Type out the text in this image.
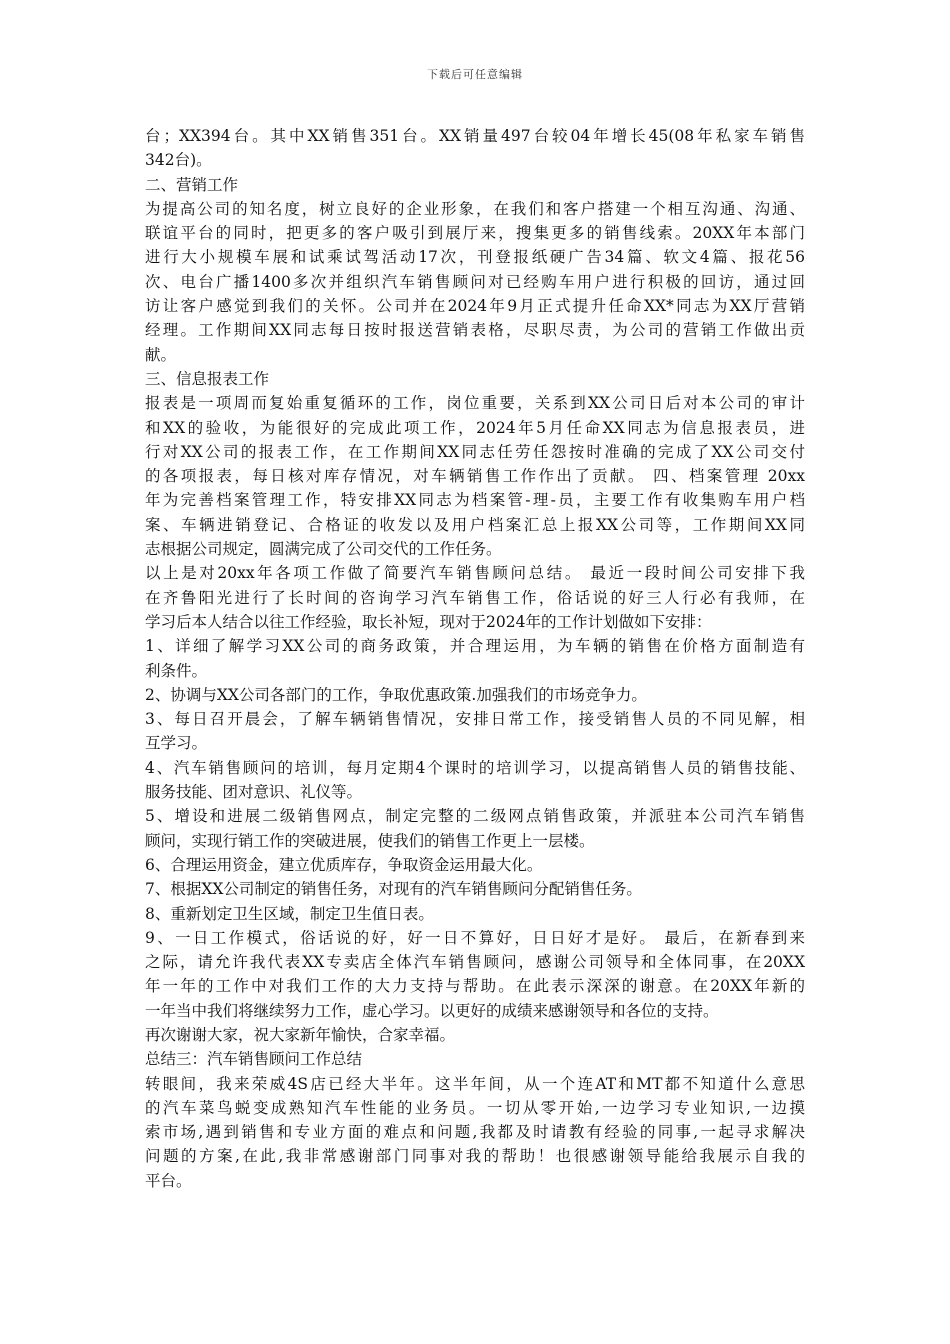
下载后可任意编辑
台；XX394台。其中XX销售351台。XX销量497台较04年增长45(08年私家车销售
342台)。
二、营销工作
为提高公司的知名度，树立良好的企业形象，在我们和客户搭建一个相互沟通、沟通、
联谊平台的同时，把更多的客户吸引到展厅来，搜集更多的销售线索。20XX年本部门
进行大小规模车展和试乘试驾活动17次，刊登报纸硬广告34篇、软文4篇、报花56
次、电台广播1400多次并组织汽车销售顾问对已经购车用户进行积极的回访，通过回
访让客户感觉到我们的关怀。公司并在2024年9月正式提升任命XX*同志为XX厅营销
经理。工作期间XX同志每日按时报送营销表格，尽职尽责，为公司的营销工作做出贡
献。
三、信息报表工作
报表是一项周而复始重复循环的工作，岗位重要，关系到XX公司日后对本公司的审计
和XX的验收，为能很好的完成此项工作，2024年5月任命XX同志为信息报表员，进
行对XX公司的报表工作，在工作期间XX同志任劳任怨按时准确的完成了XX公司交付
的各项报表，每日核对库存情况，对车辆销售工作作出了贡献。 四、档案管理 20xx
年为完善档案管理工作，特安排XX同志为档案管-理-员，主要工作有收集购车用户档
案、车辆进销登记、合格证的收发以及用户档案汇总上报XX公司等，工作期间XX同
志根据公司规定，圆满完成了公司交代的工作任务。
以上是对20xx年各项工作做了简要汽车销售顾问总结。 最近一段时间公司安排下我
在齐鲁阳光进行了长时间的咨询学习汽车销售工作，俗话说的好三人行必有我师，在
学习后本人结合以往工作经验，取长补短，现对于2024年的工作计划做如下安排：
1、详细了解学习XX公司的商务政策，并合理运用，为车辆的销售在价格方面制造有
利条件。
2、协调与XX公司各部门的工作，争取优惠政策.加强我们的市场竞争力。
3、每日召开晨会，了解车辆销售情况，安排日常工作，接受销售人员的不同见解，相
互学习。
4、汽车销售顾问的培训，每月定期4个课时的培训学习，以提高销售人员的销售技能、
服务技能、团对意识、礼仪等。
5、增设和进展二级销售网点，制定完整的二级网点销售政策，并派驻本公司汽车销售
顾问，实现行销工作的突破进展，使我们的销售工作更上一层楼。
6、合理运用资金，建立优质库存，争取资金运用最大化。
7、根据XX公司制定的销售任务，对现有的汽车销售顾问分配销售任务。
8、重新划定卫生区域，制定卫生值日表。
9、一日工作模式，俗话说的好，好一日不算好，日日好才是好。 最后，在新春到来
之际，请允许我代表XX专卖店全体汽车销售顾问，感谢公司领导和全体同事，在20XX
年一年的工作中对我们工作的大力支持与帮助。在此表示深深的谢意。在20XX年新的
一年当中我们将继续努力工作，虚心学习。以更好的成绩来感谢领导和各位的支持。
再次谢谢大家，祝大家新年愉快，合家幸福。
总结三：汽车销售顾问工作总结
转眼间，我来荣威4S店已经大半年。这半年间，从一个连AT和MT都不知道什么意思
的汽车菜鸟蜕变成熟知汽车性能的业务员。一切从零开始,一边学习专业知识,一边摸
索市场,遇到销售和专业方面的难点和问题,我都及时请教有经验的同事,一起寻求解决
问题的方案,在此,我非常感谢部门同事对我的帮助！也很感谢领导能给我展示自我的
平台。
